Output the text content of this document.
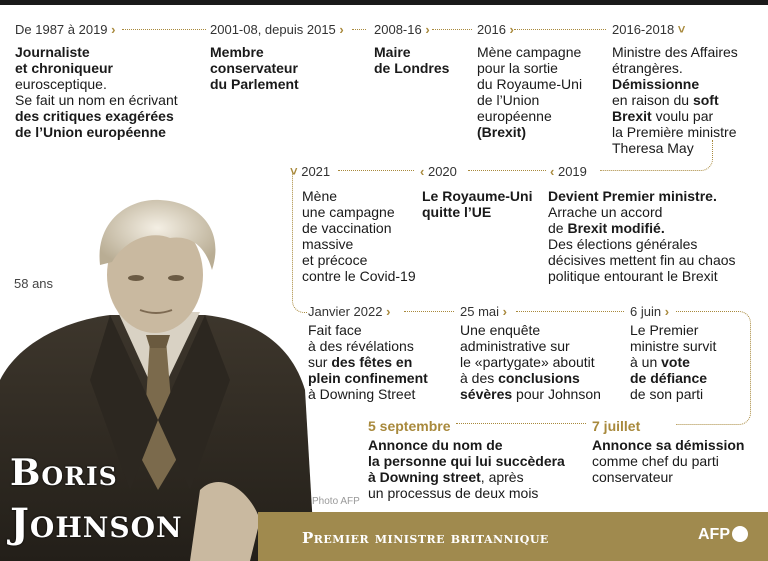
De 1987 à 2019 ›
Journaliste
et chroniqueur
eurosceptique.
Se fait un nom en écrivant
des critiques exagérées
de l’Union européenne
2001-08, depuis 2015 ›
Membre
conservateur
du Parlement
2008-16 ›
Maire
de Londres
2016 ›
Mène campagne
pour la sortie
du Royaume-Uni
de l’Union
européenne
(Brexit)
2016-2018 ˅
Ministre des Affaires
étrangères.
Démissionne
en raison du soft
Brexit voulu par
la Première ministre
Theresa May
˅ 2021
Mène
une campagne
de vaccination
massive
et précoce
contre le Covid-19
‹ 2020
Le Royaume-Uni
quitte l’UE
‹ 2019
Devient Premier ministre.
Arrache un accord
de Brexit modifié.
Des élections générales
décisives mettent fin au chaos
politique entourant le Brexit
Janvier 2022 ›
Fait face
à des révélations
sur des fêtes en
plein confinement
à Downing Street
25 mai ›
Une enquête
administrative sur
le «partygate» aboutit
à des conclusions
sévères pour Johnson
6 juin ›
Le Premier
ministre survit
à un vote
de défiance
de son parti
5 septembre
Annonce du nom de
la personne qui lui succèdera
à Downing street, après
un processus de deux mois
7 juillet
Annonce sa démission
comme chef du parti
conservateur
58 ans
Boris
Johnson	Photo AFP
Premier ministre britannique	AFP
